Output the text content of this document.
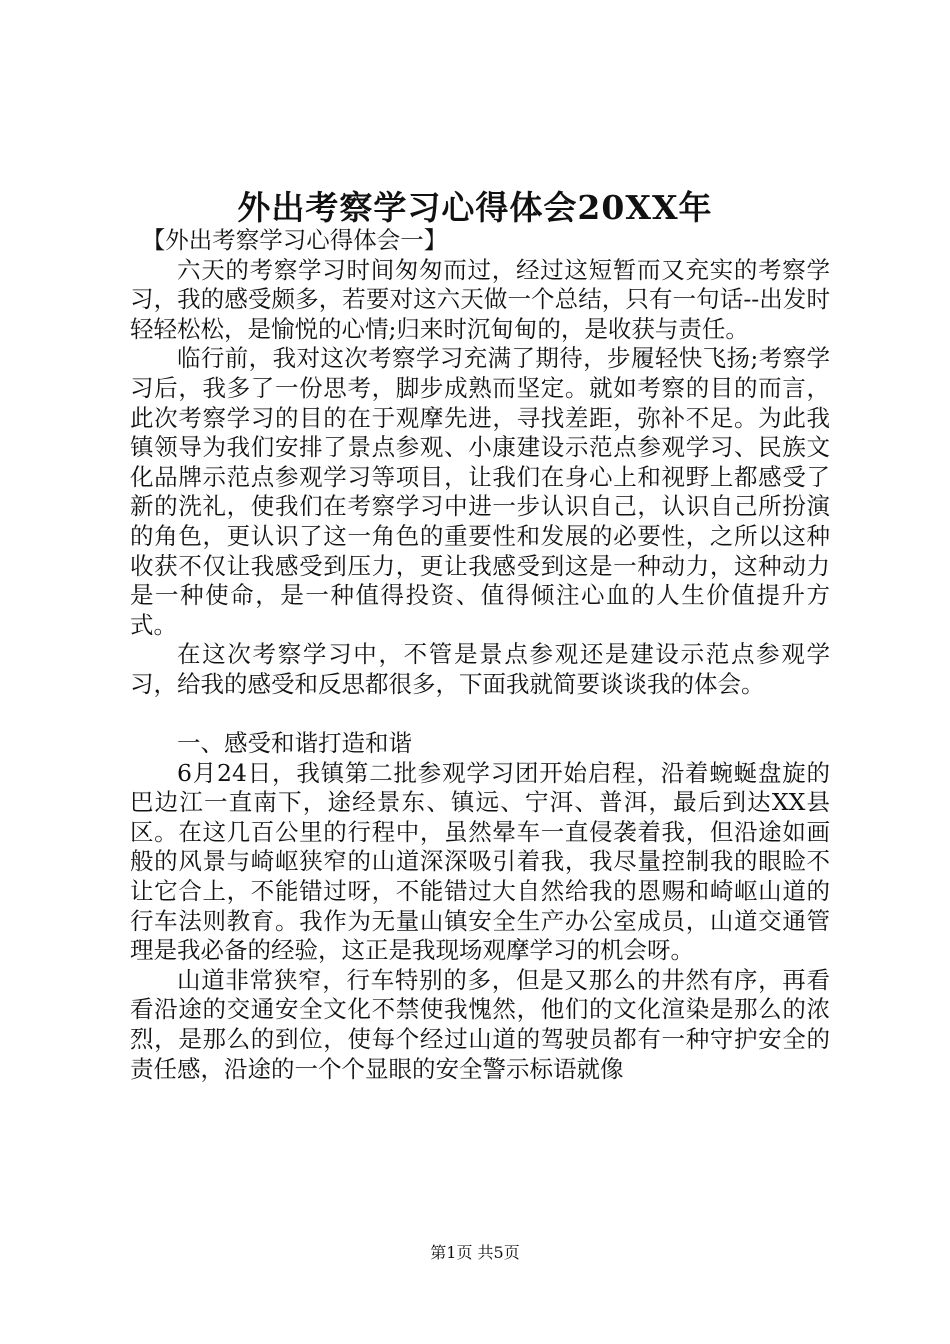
外出考察学习心得体会20XX年

【外出考察学习心得体会一】

六天的考察学习时间匆匆而过，经过这短暂而又充实的考察学习，我的感受颇多，若要对这六天做一个总结，只有一句话--出发时轻轻松松，是愉悦的心情;归来时沉甸甸的，是收获与责任。

临行前，我对这次考察学习充满了期待，步履轻快飞扬;考察学习后，我多了一份思考，脚步成熟而坚定。就如考察的目的而言，此次考察学习的目的在于观摩先进，寻找差距，弥补不足。为此我镇领导为我们安排了景点参观、小康建设示范点参观学习、民族文化品牌示范点参观学习等项目，让我们在身心上和视野上都感受了新的洗礼，使我们在考察学习中进一步认识自己，认识自己所扮演的角色，更认识了这一角色的重要性和发展的必要性，之所以这种收获不仅让我感受到压力，更让我感受到这是一种动力，这种动力是一种使命，是一种值得投资、值得倾注心血的人生价值提升方式。

在这次考察学习中，不管是景点参观还是建设示范点参观学习，给我的感受和反思都很多，下面我就简要谈谈我的体会。

一、感受和谐打造和谐

6月24日，我镇第二批参观学习团开始启程，沿着蜿蜒盘旋的巴边江一直南下，途经景东、镇远、宁洱、普洱，最后到达XX县区。在这几百公里的行程中，虽然晕车一直侵袭着我，但沿途如画般的风景与崎岖狭窄的山道深深吸引着我，我尽量控制我的眼睑不让它合上，不能错过呀，不能错过大自然给我的恩赐和崎岖山道的行车法则教育。我作为无量山镇安全生产办公室成员，山道交通管理是我必备的经验，这正是我现场观摩学习的机会呀。

山道非常狭窄，行车特别的多，但是又那么的井然有序，再看看沿途的交通安全文化不禁使我愧然，他们的文化渲染是那么的浓烈，是那么的到位，使每个经过山道的驾驶员都有一种守护安全的责任感，沿途的一个个显眼的安全警示标语就像

第1页 共5页
